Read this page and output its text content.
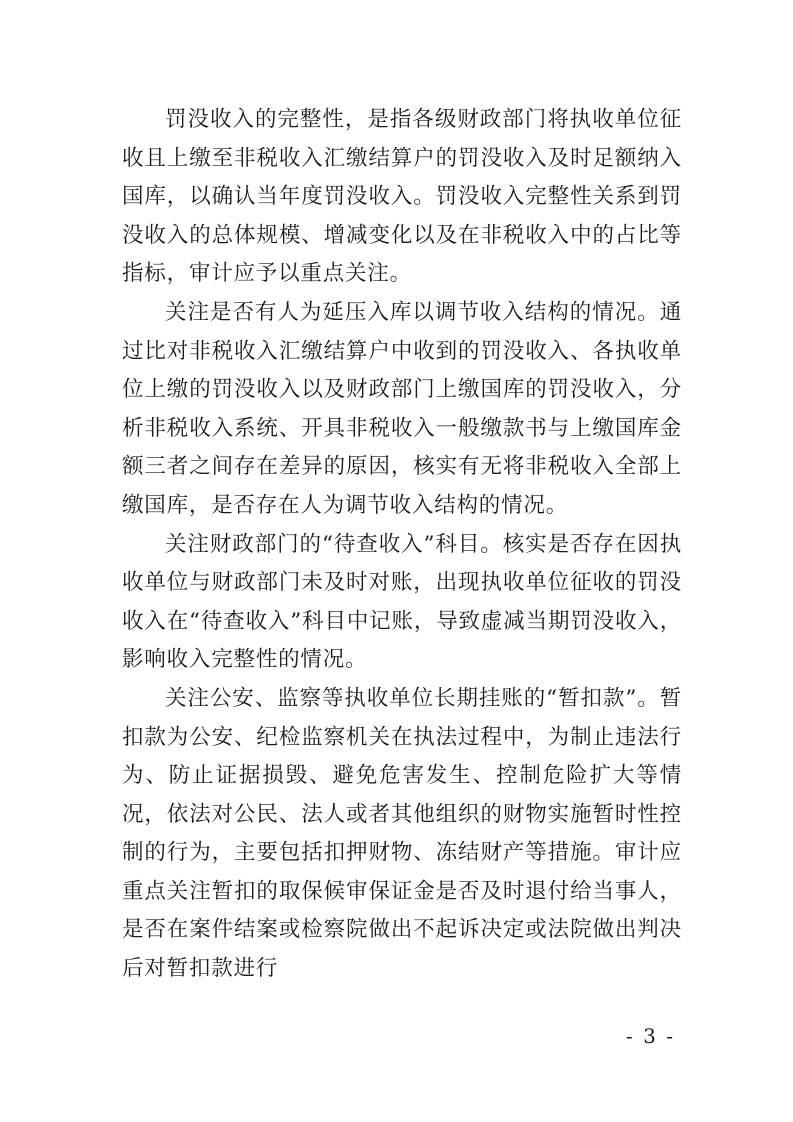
罚没收入的完整性，是指各级财政部门将执收单位征收且上缴至非税收入汇缴结算户的罚没收入及时足额纳入国库，以确认当年度罚没收入。罚没收入完整性关系到罚没收入的总体规模、增减变化以及在非税收入中的占比等指标，审计应予以重点关注。

关注是否有人为延压入库以调节收入结构的情况。通过比对非税收入汇缴结算户中收到的罚没收入、各执收单位上缴的罚没收入以及财政部门上缴国库的罚没收入，分析非税收入系统、开具非税收入一般缴款书与上缴国库金额三者之间存在差异的原因，核实有无将非税收入全部上缴国库，是否存在人为调节收入结构的情况。

关注财政部门的“待查收入”科目。核实是否存在因执收单位与财政部门未及时对账，出现执收单位征收的罚没收入在“待查收入”科目中记账，导致虚减当期罚没收入，影响收入完整性的情况。

关注公安、监察等执收单位长期挂账的“暂扣款”。暂扣款为公安、纪检监察机关在执法过程中，为制止违法行为、防止证据损毁、避免危害发生、控制危险扩大等情况，依法对公民、法人或者其他组织的财物实施暂时性控制的行为，主要包括扣押财物、冻结财产等措施。审计应重点关注暂扣的取保候审保证金是否及时退付给当事人，是否在案件结案或检察院做出不起诉决定或法院做出判决后对暂扣款进行

- 3 -
